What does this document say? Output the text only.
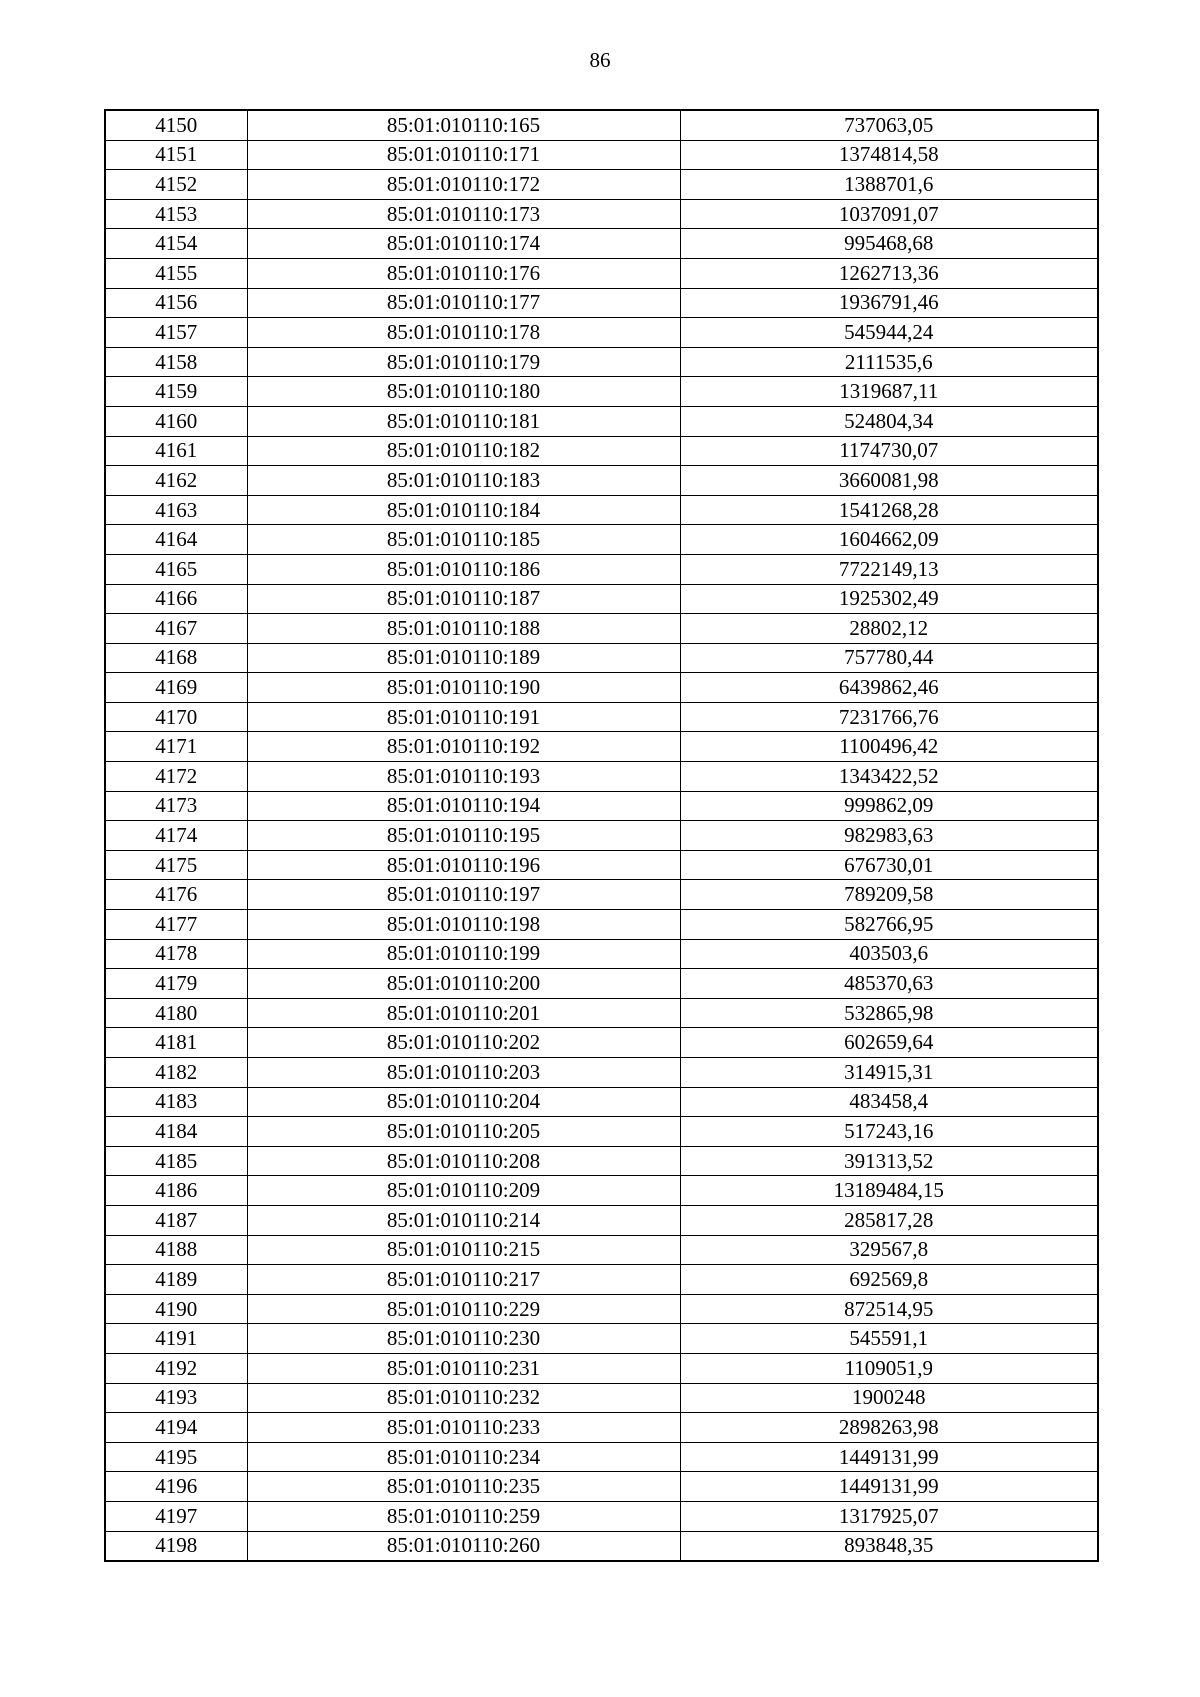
86
4150	85:01:010110:165	737063,05
4151	85:01:010110:171	1374814,58
4152	85:01:010110:172	1388701,6
4153	85:01:010110:173	1037091,07
4154	85:01:010110:174	995468,68
4155	85:01:010110:176	1262713,36
4156	85:01:010110:177	1936791,46
4157	85:01:010110:178	545944,24
4158	85:01:010110:179	2111535,6
4159	85:01:010110:180	1319687,11
4160	85:01:010110:181	524804,34
4161	85:01:010110:182	1174730,07
4162	85:01:010110:183	3660081,98
4163	85:01:010110:184	1541268,28
4164	85:01:010110:185	1604662,09
4165	85:01:010110:186	7722149,13
4166	85:01:010110:187	1925302,49
4167	85:01:010110:188	28802,12
4168	85:01:010110:189	757780,44
4169	85:01:010110:190	6439862,46
4170	85:01:010110:191	7231766,76
4171	85:01:010110:192	1100496,42
4172	85:01:010110:193	1343422,52
4173	85:01:010110:194	999862,09
4174	85:01:010110:195	982983,63
4175	85:01:010110:196	676730,01
4176	85:01:010110:197	789209,58
4177	85:01:010110:198	582766,95
4178	85:01:010110:199	403503,6
4179	85:01:010110:200	485370,63
4180	85:01:010110:201	532865,98
4181	85:01:010110:202	602659,64
4182	85:01:010110:203	314915,31
4183	85:01:010110:204	483458,4
4184	85:01:010110:205	517243,16
4185	85:01:010110:208	391313,52
4186	85:01:010110:209	13189484,15
4187	85:01:010110:214	285817,28
4188	85:01:010110:215	329567,8
4189	85:01:010110:217	692569,8
4190	85:01:010110:229	872514,95
4191	85:01:010110:230	545591,1
4192	85:01:010110:231	1109051,9
4193	85:01:010110:232	1900248
4194	85:01:010110:233	2898263,98
4195	85:01:010110:234	1449131,99
4196	85:01:010110:235	1449131,99
4197	85:01:010110:259	1317925,07
4198	85:01:010110:260	893848,35
